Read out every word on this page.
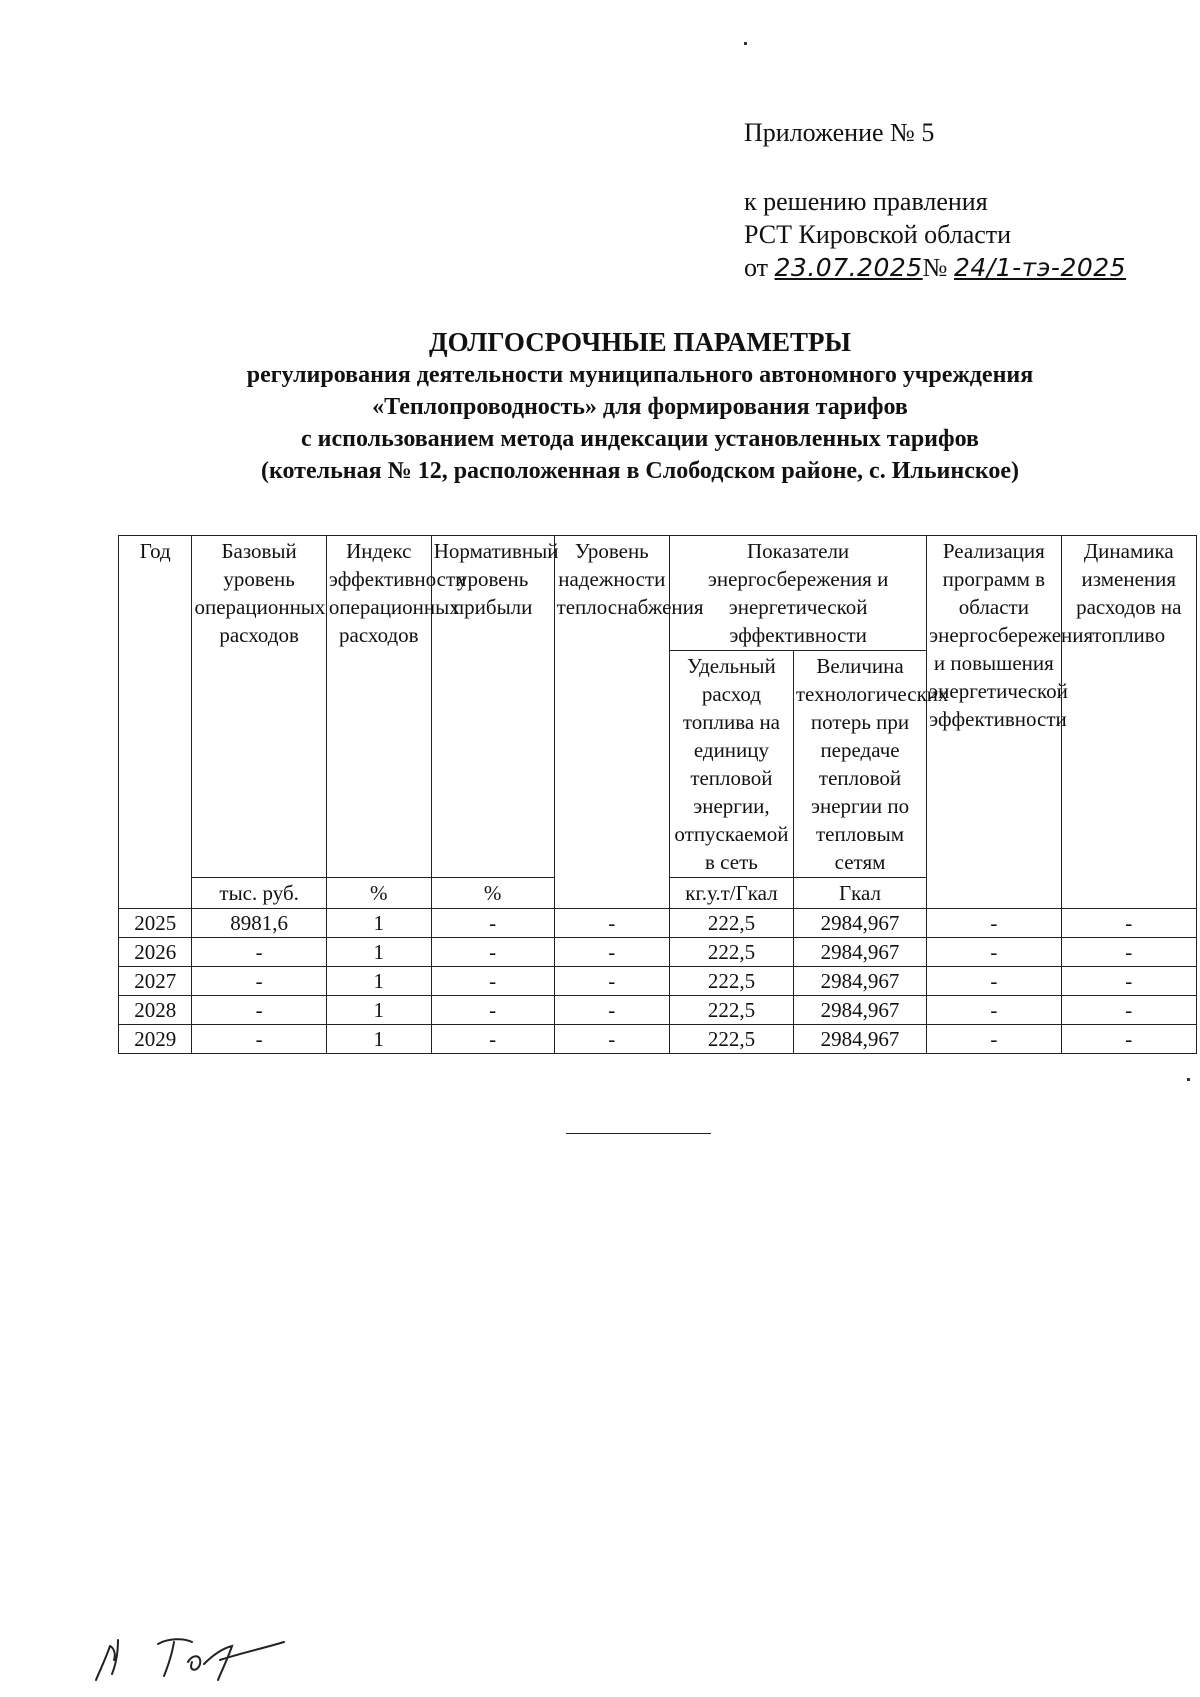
Приложение № 5
к решению правления
РСТ Кировской области
от 23.07.2025№ 24/1-тэ-2025
ДОЛГОСРОЧНЫЕ ПАРАМЕТРЫ
регулирования деятельности муниципального автономного учреждения
«Теплопроводность» для формирования тарифов
с использованием метода индексации установленных тарифов
(котельная № 12, расположенная в Слободском районе, с. Ильинское)
Год	Базовый уровень операционных расходов	Индекс эффективности операционных расходов	Нормативный уровень прибыли	Уровень надежности теплоснабжения	Показатели энергосбережения и энергетической эффективности		Реализация программ в области энергосбережения и повышения энергетической эффективности	Динамика изменения расходов на топливо
					Удельный расход топлива на единицу тепловой энергии, отпускаемой в сеть	Величина технологических потерь при передаче тепловой энергии по тепловым сетям		
	тыс. руб.	%	%		кг.у.т/Гкал	Гкал		
2025	8981,6	1	-	-	222,5	2984,967	-	-
2026	-	1	-	-	222,5	2984,967	-	-
2027	-	1	-	-	222,5	2984,967	-	-
2028	-	1	-	-	222,5	2984,967	-	-
2029	-	1	-	-	222,5	2984,967	-	-
